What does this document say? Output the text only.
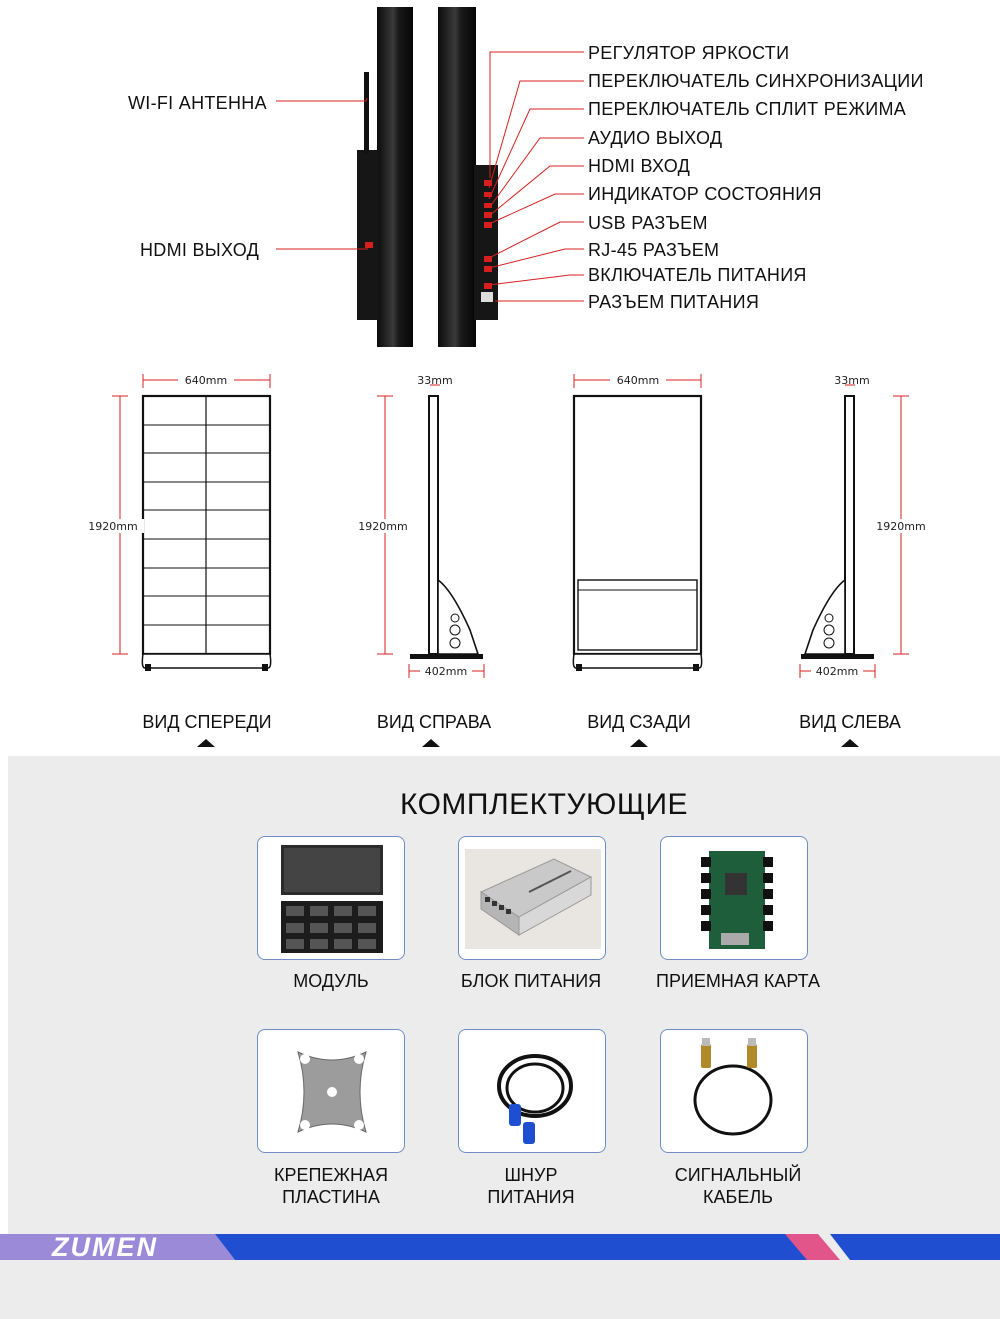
640mm
1920mm
33mm
1920mm
402mm
640mm	33mm
1920mm
402mm
WI-FI АНТЕННА
HDMI ВЫХОД
РЕГУЛЯТОР ЯРКОСТИ
ПЕРЕКЛЮЧАТЕЛЬ СИНХРОНИЗАЦИИ
ПЕРЕКЛЮЧАТЕЛЬ СПЛИТ РЕЖИМА
АУДИО ВЫХОД
HDMI ВХОД
ИНДИКАТОР СОСТОЯНИЯ
USB РАЗЪЕМ
RJ-45 РАЗЪЕМ
ВКЛЮЧАТЕЛЬ ПИТАНИЯ
РАЗЪЕМ ПИТАНИЯ
ВИД СПЕРЕДИ	ВИД СПРАВА	ВИД СЗАДИ	ВИД СЛЕВА
КОМПЛЕКТУЮЩИЕ
МОДУЛЬ	БЛОК ПИТАНИЯ	ПРИЕМНАЯ КАРТА
КРЕПЕЖНАЯ
ПЛАСТИНА
ШНУР
ПИТАНИЯ
СИГНАЛЬНЫЙ
КАБЕЛЬ
ZUMEN
